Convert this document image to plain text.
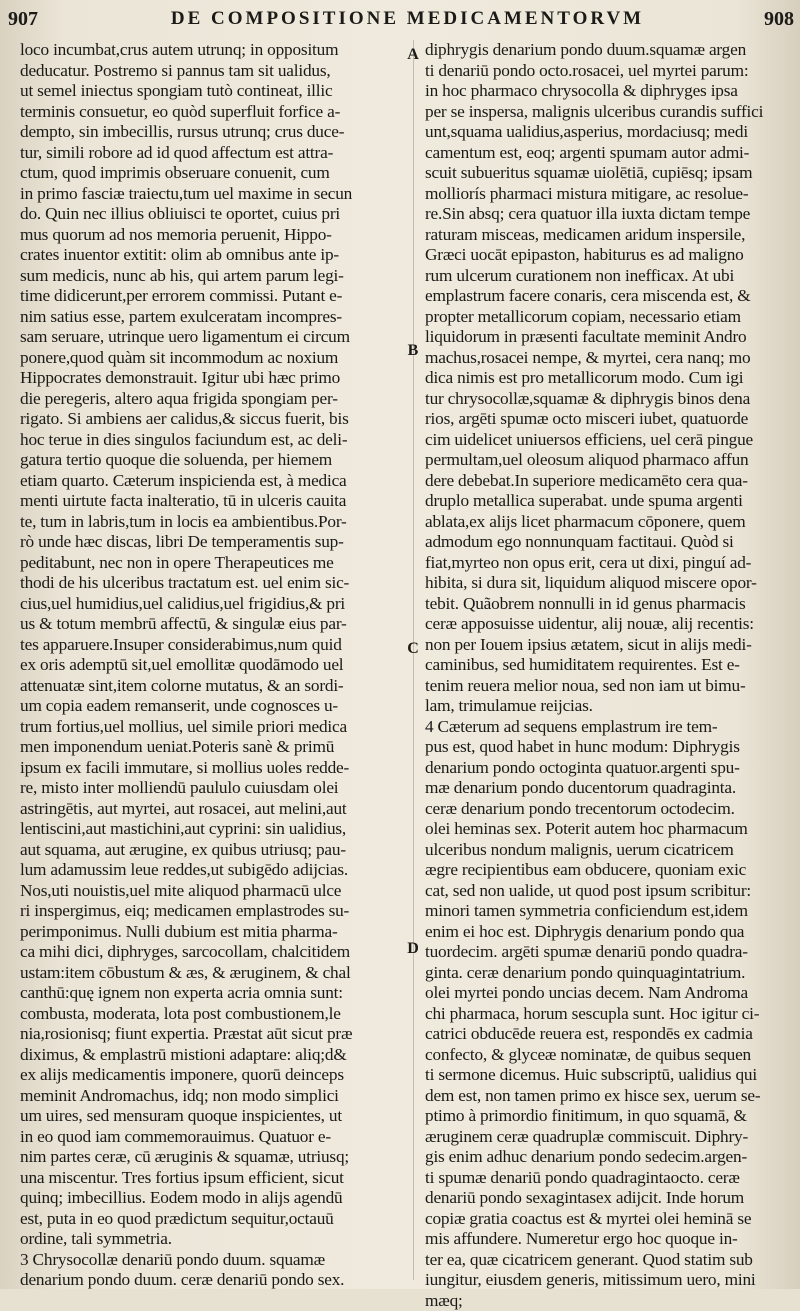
907	DE COMPOSITIONE MEDICAMENTORVM	908
A
B
C
D
loco incumbat,crus autem utrunq; in oppositum
deducatur. Postremo si pannus tam sit ualidus,
ut semel iniectus spongiam tutò contineat, illic
terminis consuetur, eo quòd superfluit forfice a-
dempto, sin imbecillis, rursus utrunq; crus duce-
tur, simili robore ad id quod affectum est attra-
ctum, quod imprimis obseruare conuenit, cum
in primo fasciæ traiectu,tum uel maxime in secun
do. Quin nec illius obliuisci te oportet, cuius pri
mus quorum ad nos memoria peruenit, Hippo-
crates inuentor extitit: olim ab omnibus ante ip-
sum medicis, nunc ab his, qui artem parum legi-
time didicerunt,per errorem commissi. Putant e-
nim satius esse, partem exulceratam incompres-
sam seruare, utrinque uero ligamentum ei circum
ponere,quod quàm sit incommodum ac noxium
Hippocrates demonstrauit. Igitur ubi hæc primo
die peregeris, altero aqua frigida spongiam per-
rigato. Si ambiens aer calidus,& siccus fuerit, bis
hoc terue in dies singulos faciundum est, ac deli-
gatura tertio quoque die soluenda, per hiemem
etiam quarto. Cæterum inspicienda est, à medica
menti uirtute facta inalteratio, tū in ulceris cauita
te, tum in labris,tum in locis ea ambientibus.Por-
rò unde hæc discas, libri De temperamentis sup-
peditabunt, nec non in opere Therapeutices me
thodi de his ulceribus tractatum est. uel enim sic-
cius,uel humidius,uel calidius,uel frigidius,& pri
us & totum membrū affectū, & singulæ eius par-
tes apparuere.Insuper considerabimus,num quid
ex oris ademptū sit,uel emollitæ quodāmodo uel
attenuatæ sint,item colorne mutatus, & an sordi-
um copia eadem remanserit, unde cognosces u-
trum fortius,uel mollius, uel simile priori medica
men imponendum ueniat.Poteris sanè & primū
ipsum ex facili immutare, si mollius uoles redde-
re, misto inter molliendū paululo cuiusdam olei
astringētis, aut myrtei, aut rosacei, aut melini,aut
lentiscini,aut mastichini,aut cyprini: sin ualidius,
aut squama, aut ærugine, ex quibus utriusq; pau-
lum adamussim leue reddes,ut subigēdo adijcias.
Nos,uti nouistis,uel mite aliquod pharmacū ulce
ri inspergimus, eiq; medicamen emplastrodes su-
perimponimus. Nulli dubium est mitia pharma-
ca mihi dici, diphryges, sarcocollam, chalcitidem
ustam:item cōbustum & æs, & æruginem, & chal
canthū:quę ignem non experta acria omnia sunt:
combusta, moderata, lota post combustionem,le
nia,rosionisq; fiunt expertia. Præstat aūt sicut præ
diximus, & emplastrū mistioni adaptare: aliq;d&
ex alijs medicamentis imponere, quorū deinceps
meminit Andromachus, idq; non modo simplici
um uires, sed mensuram quoque inspicientes, ut
in eo quod iam commemorauimus. Quatuor e-
nim partes ceræ, cū æruginis & squamæ, utriusq;
una miscentur. Tres fortius ipsum efficient, sicut
quinq; imbecillius. Eodem modo in alijs agendū
est, puta in eo quod prædictum sequitur,octauū
ordine, tali symmetria.
3 Chrysocollæ denariū pondo duum. squamæ
denarium pondo duum. ceræ denariū pondo sex.
diphrygis denarium pondo duum.squamæ argen
ti denariū pondo octo.rosacei, uel myrtei parum:
in hoc pharmaco chrysocolla & diphryges ipsa
per se inspersa, malignis ulceribus curandis suffici
unt,squama ualidius,asperius, mordaciusq; medi
camentum est, eoq; argenti spumam autor admi-
scuit subueritus squamæ uiolētiā, cupiēsq; ipsam
molliorís pharmaci mistura mitigare, ac resolue-
re.Sin absq; cera quatuor illa iuxta dictam tempe
raturam misceas, medicamen aridum inspersile,
Græci uocāt epipaston, habiturus es ad maligno
rum ulcerum curationem non inefficax. At ubi
emplastrum facere conaris, cera miscenda est, &
propter metallicorum copiam, necessario etiam
liquidorum in præsenti facultate meminit Andro
machus,rosacei nempe, & myrtei, cera nanq; mo
dica nimis est pro metallicorum modo. Cum igi
tur chrysocollæ,squamæ & diphrygis binos dena
rios, argēti spumæ octo misceri iubet, quatuorde
cim uidelicet uniuersos efficiens, uel cerā pingue
permultam,uel oleosum aliquod pharmaco affun
dere debebat.In superiore medicamēto cera qua-
druplo metallica superabat. unde spuma argenti
ablata,ex alijs licet pharmacum cōponere, quem
admodum ego nonnunquam factitaui. Quòd si
fiat,myrteo non opus erit, cera ut dixi, pinguí ad-
hibita, si dura sit, liquidum aliquod miscere opor-
tebit. Quãobrem nonnulli in id genus pharmacis
ceræ apposuisse uidentur, alij nouæ, alij recentis:
non per Iouem ipsius ætatem, sicut in alijs medi-
caminibus, sed humiditatem requirentes. Est e-
tenim reuera melior noua, sed non iam ut bimu-
lam, trimulamue reijcias.
4 Cæterum ad sequens emplastrum ire tem-
pus est, quod habet in hunc modum: Diphrygis
denarium pondo octoginta quatuor.argenti spu-
mæ denarium pondo ducentorum quadraginta.
ceræ denarium pondo trecentorum octodecim.
olei heminas sex. Poterit autem hoc pharmacum
ulceribus nondum malignis, uerum cicatricem
ægre recipientibus eam obducere, quoniam exic
cat, sed non ualide, ut quod post ipsum scribitur:
minori tamen symmetria conficiendum est,idem
enim ei hoc est. Diphrygis denarium pondo qua
tuordecim. argēti spumæ denariū pondo quadra-
ginta. ceræ denarium pondo quinquagintatrium.
olei myrtei pondo uncias decem. Nam Androma
chi pharmaca, horum sescupla sunt. Hoc igitur ci-
catrici obducēde reuera est, respondēs ex cadmia
confecto, & glyceæ nominatæ, de quibus sequen
ti sermone dicemus. Huic subscriptū, ualidius qui
dem est, non tamen primo ex hisce sex, uerum se-
ptimo à primordio finitimum, in quo squamā, &
æruginem ceræ quadruplæ commiscuit. Diphry-
gis enim adhuc denarium pondo sedecim.argen-
ti spumæ denariū pondo quadragintaocto. ceræ
denariū pondo sexagintasex adijcit. Inde horum
copiæ gratia coactus est & myrtei olei heminā se
mis affundere. Numeretur ergo hoc quoque in-
ter ea, quæ cicatricem generant. Quod statim sub
iungitur, eiusdem generis, mitissimum uero, mini
mæq;
